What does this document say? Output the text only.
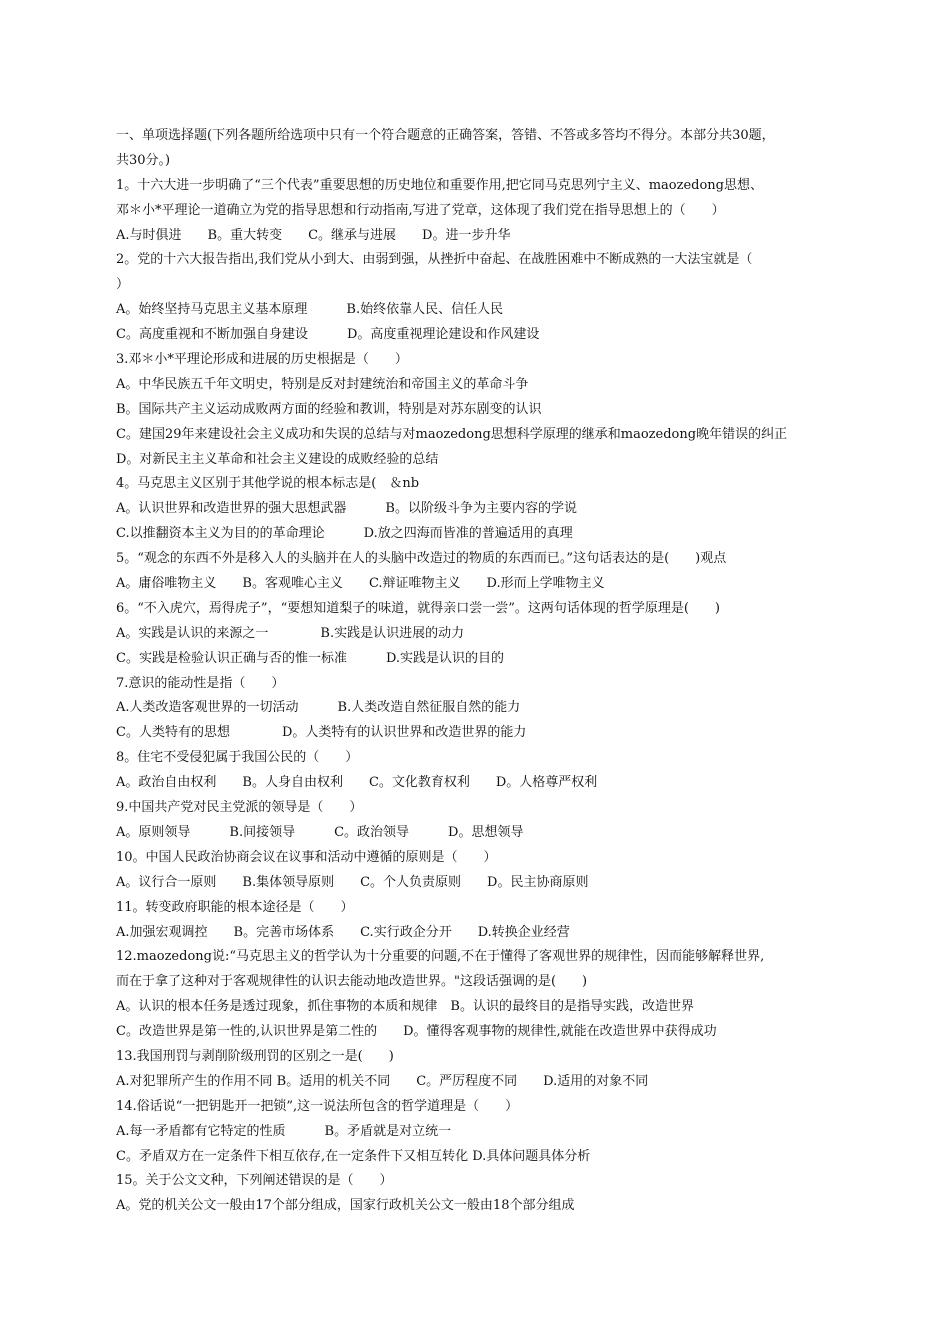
一、单项选择题(下列各题所给选项中只有一个符合题意的正确答案，答错、不答或多答均不得分。本部分共30题，
共30分。)
1。十六大进一步明确了“三个代表”重要思想的历史地位和重要作用,把它同马克思列宁主义、maozedong思想、
邓＊小*平理论一道确立为党的指导思想和行动指南,写进了党章，这体现了我们党在指导思想上的（　　）
A.与时俱进　　B。重大转变　　C。继承与进展　　D。进一步升华
2。党的十六大报告指出,我们党从小到大、由弱到强，从挫折中奋起、在战胜困难中不断成熟的一大法宝就是（
）
A。始终坚持马克思主义基本原理　　　B.始终依靠人民、信任人民
C。高度重视和不断加强自身建设　　　D。高度重视理论建设和作风建设
3.邓＊小*平理论形成和进展的历史根据是（　　）
A。中华民族五千年文明史，特别是反对封建统治和帝国主义的革命斗争
B。国际共产主义运动成败两方面的经验和教训，特别是对苏东剧变的认识
C。建国29年来建设社会主义成功和失误的总结与对maozedong思想科学原理的继承和maozedong晚年错误的纠正
D。对新民主主义革命和社会主义建设的成败经验的总结
4。马克思主义区别于其他学说的根本标志是(　＆nb
A。认识世界和改造世界的强大思想武器　　　B。以阶级斗争为主要内容的学说
C.以推翻资本主义为目的的革命理论　　　D.放之四海而皆准的普遍适用的真理
5。“观念的东西不外是移入人的头脑并在人的头脑中改造过的物质的东西而已。”这句话表达的是(　　)观点
A。庸俗唯物主义　　B。客观唯心主义　　C.辩证唯物主义　　D.形而上学唯物主义
6。“不入虎穴，焉得虎子”，“要想知道梨子的味道，就得亲口尝一尝”。这两句话体现的哲学原理是(　　)
A。实践是认识的来源之一　　　　B.实践是认识进展的动力
C。实践是检验认识正确与否的惟一标准　　　D.实践是认识的目的
7.意识的能动性是指（　　）
A.人类改造客观世界的一切活动　　　B.人类改造自然征服自然的能力
C。人类特有的思想　　　　D。人类特有的认识世界和改造世界的能力
8。住宅不受侵犯属于我国公民的（　　）
A。政治自由权利　　B。人身自由权利　　C。文化教育权利　　D。人格尊严权利
9.中国共产党对民主党派的领导是（　　）
A。原则领导　　　B.间接领导　　　C。政治领导　　　D。思想领导
10。中国人民政治协商会议在议事和活动中遵循的原则是（　　）
A。议行合一原则　　B.集体领导原则　　C。个人负责原则　　D。民主协商原则
11。转变政府职能的根本途径是（　　）
A.加强宏观调控　　B。完善市场体系　　C.实行政企分开　　D.转换企业经营
12.maozedong说:“马克思主义的哲学认为十分重要的问题,不在于懂得了客观世界的规律性，因而能够解释世界,
而在于拿了这种对于客观规律性的认识去能动地改造世界。"这段话强调的是(　　)
A。认识的根本任务是透过现象，抓住事物的本质和规律　B。认识的最终目的是指导实践，改造世界
C。改造世界是第一性的,认识世界是第二性的　　D。懂得客观事物的规律性,就能在改造世界中获得成功
13.我国刑罚与剥削阶级刑罚的区别之一是(　　)
A.对犯罪所产生的作用不同 B。适用的机关不同　　C。严厉程度不同　　D.适用的对象不同
14.俗话说“一把钥匙开一把锁”,这一说法所包含的哲学道理是（　　）
A.每一矛盾都有它特定的性质　　　B。矛盾就是对立统一
C。矛盾双方在一定条件下相互依存,在一定条件下又相互转化 D.具体问题具体分析
15。关于公文文种，下列阐述错误的是（　　）
A。党的机关公文一般由17个部分组成，国家行政机关公文一般由18个部分组成
